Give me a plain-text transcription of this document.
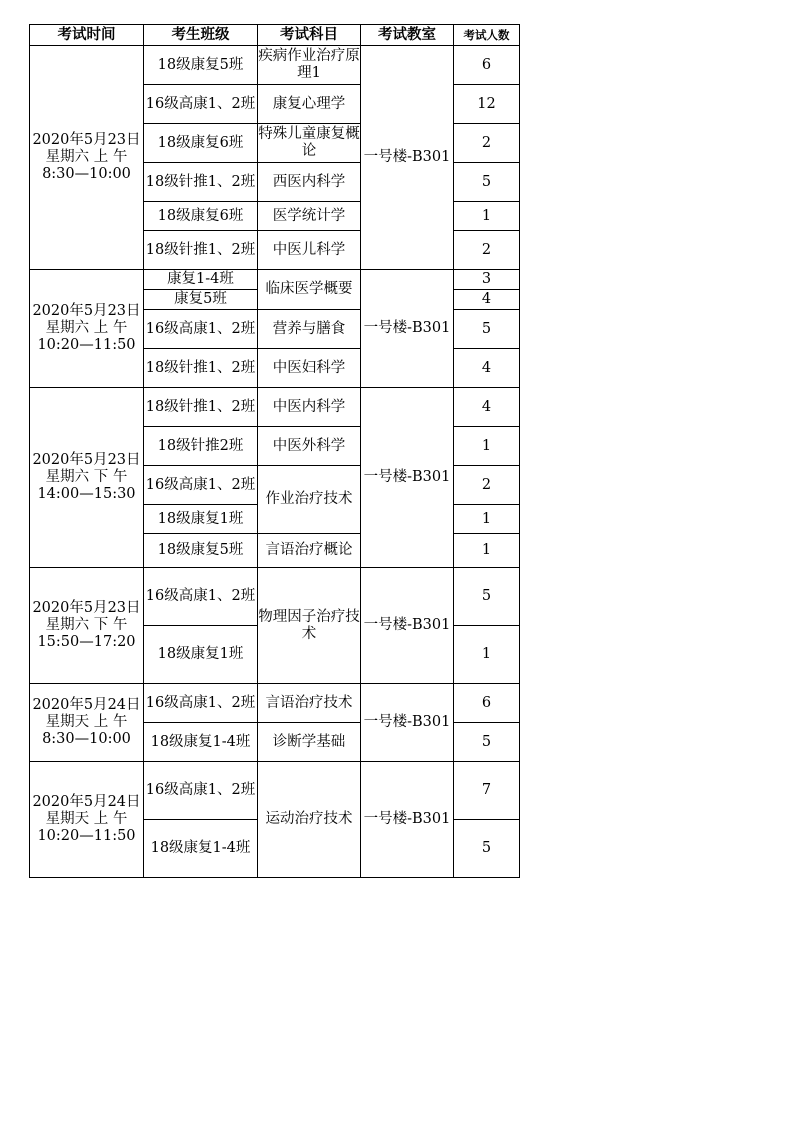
考试时间	考生班级	考试科目	考试教室	考试人数

2020年5月23日
星期六 上 午
8:30—10:00	18级康复5班	疾病作业治疗原理1	一号楼-B301	6
	16级高康1、2班	康复心理学		12
	18级康复6班	特殊儿童康复概论		2
	18级针推1、2班	西医内科学		5
	18级康复6班	医学统计学		1
	18级针推1、2班	中医儿科学		2

2020年5月23日
星期六 上 午
10:20—11:50	康复1-4班	临床医学概要	一号楼-B301	3
	康复5班			4
	16级高康1、2班	营养与膳食		5
	18级针推1、2班	中医妇科学		4

2020年5月23日
星期六 下 午
14:00—15:30	18级针推1、2班	中医内科学	一号楼-B301	4
	18级针推2班	中医外科学		1
	16级高康1、2班	作业治疗技术		2
	18级康复1班			1
	18级康复5班	言语治疗概论		1

2020年5月23日
星期六 下 午
15:50—17:20	16级高康1、2班	物理因子治疗技术	一号楼-B301	5
	18级康复1班			1

2020年5月24日
星期天 上 午
8:30—10:00	16级高康1、2班	言语治疗技术	一号楼-B301	6
	18级康复1-4班	诊断学基础		5

2020年5月24日
星期天 上 午
10:20—11:50	16级高康1、2班	运动治疗技术	一号楼-B301	7
	18级康复1-4班			5
